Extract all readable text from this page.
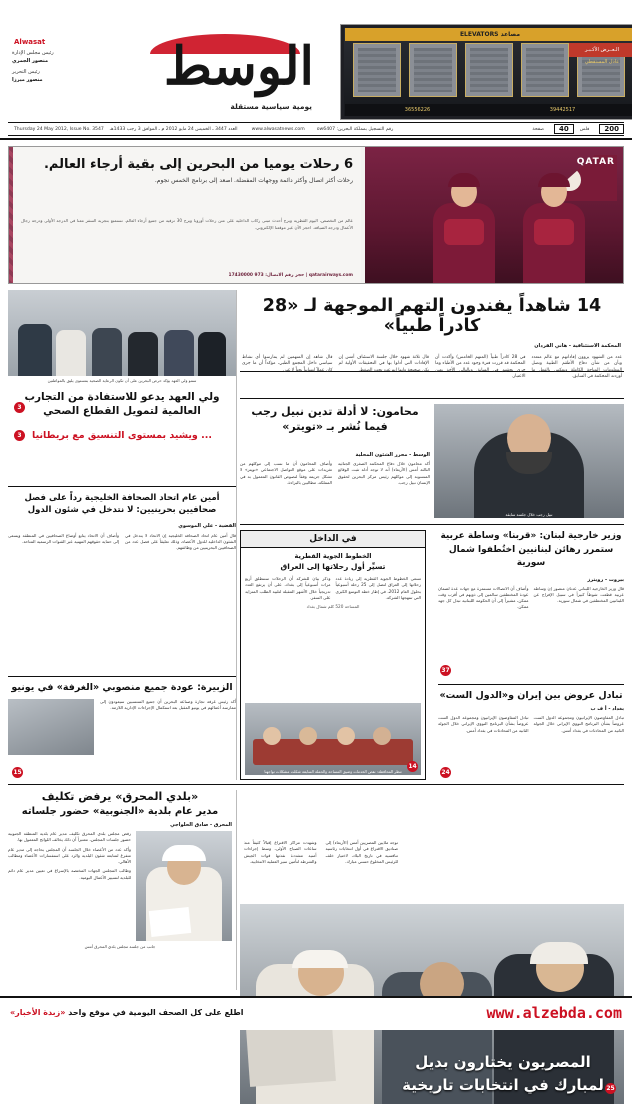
مصاعد

ELEVATORS
الـعــرض الأكـبـر
عادل المستقطي
39442517
36556226
الوسط
Alwasat
يومية سياسية مستقلة
رئيس مجلس الإدارة
منصور الجمري
رئيس التحرير
منصور ميرزا
200
فلس
40
صفحة
رقم التسجيل بمملكة البحرين: ow6407
www.alwasatnews.com
العدد 3447 ـ الخميس 24 مايو 2012 م ـ الموافق 3 رجب 1433هـ
Thursday 24 May 2012, Issue No. 3547
QATAR
6 رحلات يوميا من البحرين إلى بقية أرجاء العالم.
رحلات أكثر اتصال وأكثر دائمة ووجهات المفضلة. اصعد إلى برنامج الخمس نجوم.
عالم من التخصص، اليوم القطرية وبرج أحدث مبنى ركاب الداخلية على متن رحلات أوروبا وبرج 30 ترفية من جميع أرجاء العالم. تستمتع بتجربة السفر معنا في الدرجة الأولى ودرجة رجال الأعمال ودرجة الضيافة. احجز الآن عبر موقعنا الإلكتروني.
qatarairways.com | حجز رقم الاتصال: 973 17430000
14 شاهداً يفندون التهم الموجهة لـ «28 كادراً طبياً»
المحكمة الاستئنافية - هاني الفردان
عدد من الشهود يروون إفاداتهم مع عالم متعدد وبأن من شأن دفاع الأطقم الطبية وتصل المعلومات المتاحة الكاملة ويعكس بالفعل ما أوردته المحكمة في السابق.
في 28 كادراً طبياً (المتهم الخامس) وأكدت أن المحكمة قد قررت فترة وجود عدد من الأطباء وما جرى بحقهم في السابق وبالتالي الأخذ بعين الاعتبار.
قال ثلاثة شهود خلال جلسة الاستئناف أمس إن الإفادات التي أدلوا بها في التحقيقات الأولية لم تكن صحيحة وإنها انتزعت تحت الضغط.
قال شاهد إن المتهمين لم يمارسوا أي نشاط سياسي داخل المجمع الطبي، مؤكداً أن ما جرى كان عملاً إنسانياً بحتاً لا غير.
سمو ولي العهد يؤكد حرص البحرين على أن تكون الرعاية الصحية بمستوى يليق بالمواطنين
ولي العهد يدعو للاستفادة من التجارب العالمية لتمويل القطاع الصحي
3
... ويشيد بمستوى التنسيق مع بريطانيا
3
أمين عام اتحاد الصحافة الخليجية رداً على فصل صحافيين بحرينيين: لا نتدخل في شئون الدول
القضية - علي الموسوي
قال أمين عام اتحاد الصحافة الخليجية إن الاتحاد لا يتدخل في الشئون الداخلية للدول الأعضاء، وذلك تعليقاً على فصل عدد من الصحافيين البحرينيين من وظائفهم.
وأضاف أن الاتحاد يتابع أوضاع الصحافيين في المنطقة ويسعى إلى حماية حقوقهم المهنية عبر القنوات الرسمية المتاحة.
الزبيرة: عودة جميع منصوبي «الغرفة» في يونيو
أكد رئيس غرفة تجارة وصناعة البحرين أن جميع المنتسبين سيعودون إلى ممارسة أعمالهم في يونيو المقبل بعد استكمال الإجراءات الإدارية اللازمة.
15
نبيل رجب خلال جلسة سابقة
محامون: لا أدلة تدين نبيل رجب فيما نُشر بـ «تويتر»
الوسط - محرر الشئون المحلية
أكد محامون خلال دفاع المحكمة الصغرى الجنائية الثالثة أمس (الأربعاء) أنه لا توجد أدلة تثبت الوقائع المنسوبة إلى موكلهم رئيس مركز البحرين لحقوق الإنسان نبيل رجب.
وأضاف المحامون أن ما نسب إلى موكلهم من تغريدات على موقع التواصل الاجتماعي «تويتر» لا تشكل جريمة وفقاً لنصوص القانون المعمول به في المملكة، مطالبين بالبراءة.
وزير خارجية لبنان: «قربنا» وساطة عربية ستمرر رهائن لبنانيين اختُطفوا شمال سورية
بيروت - رويترز
قال وزير الخارجية اللبناني عدنان منصور إن وساطة عربية قطعت شوطاً كبيراً في سبيل الإفراج عن اللبنانيين المختطفين في شمال سورية.
وأضاف أن الاتصالات مستمرة مع جهات عدة لضمان عودة المختطفين سالمين إلى ذويهم في أقرب وقت ممكن، مشيراً إلى أن الحكومة اللبنانية تبذل كل جهد ممكن.
37
تبادل عروض بين إيران و«الدول الست»
بغداد - أ ف ب
تبادل المفاوضون الإيرانيون ومجموعة الدول الست عروضاً بشأن البرنامج النووي الإيراني خلال الجولة الثانية من المحادثات في بغداد أمس.
تبادل المفاوضون الإيرانيون ومجموعة الدول الست عروضاً بشأن البرنامج النووي الإيراني خلال الجولة الثانية من المحادثات في بغداد أمس.
24
في الداخل
الخطوط الجوية القطرية
تسيِّر أول رحلاتها إلى العراق
تسعى الخطوط الجوية القطرية إلى زيادة عدد رحلاتها إلى العراق لتصل إلى 25 رحلة أسبوعياً بحلول العام 2012، في إطار خطة التوسع الكبرى التي تنتهجها الشركة.
وذكر بيان للشركة أن الرحلات ستنطلق أربع مرات أسبوعياً إلى بغداد، على أن يرتفع العدد تدريجياً خلال الأشهر المقبلة لتلبية الطلب المتزايد على السفر.
المساحة 520 كلم شمال بغداد
14
تنظر المحافظة: نقص الخدمات وضيق المساحة والحملة السابقة شكلت مشكلات تواجهنا
المصريون يختارون بديل
لمبارك في انتخابات تاريخية 25
توجه ملايين المصريين أمس (الأربعاء) إلى صناديق الاقتراع في أول انتخابات رئاسية تنافسية في تاريخ البلاد، لاختيار خلف للرئيس المخلوع حسني مبارك.
وشهدت مراكز الاقتراع إقبالاً كثيفاً منذ ساعات الصباح الأولى، وسط إجراءات أمنية مشددة نفذتها قوات الجيش والشرطة لتأمين سير العملية الانتخابية.
«بلدي المحرق» يرفض تكليف
مدير عام بلدية «الجنوبية» حضور جلساته
المحرق - صادق الحلواجي
رفض مجلس بلدي المحرق تكليف مدير عام بلدية المنطقة الجنوبية حضور جلسات المجلس، معتبراً أن ذلك يخالف اللوائح المعمول بها.
وأكد عدد من الأعضاء خلال الجلسة أن المجلس بحاجة إلى مدير عام متفرغ لمتابعة شئون البلدية والرد على استفسارات الأعضاء ومطالب الأهالي.
وطالب المجلس الجهات المختصة بالإسراع في تعيين مدير عام دائم للبلدية لتسيير الأعمال اليومية.
جانب من جلسة مجلس بلدي المحرق أمس
www.alzebda.com
اطلع على كل الصحف اليومية في موقع واحد «زبدة الأخبار»
